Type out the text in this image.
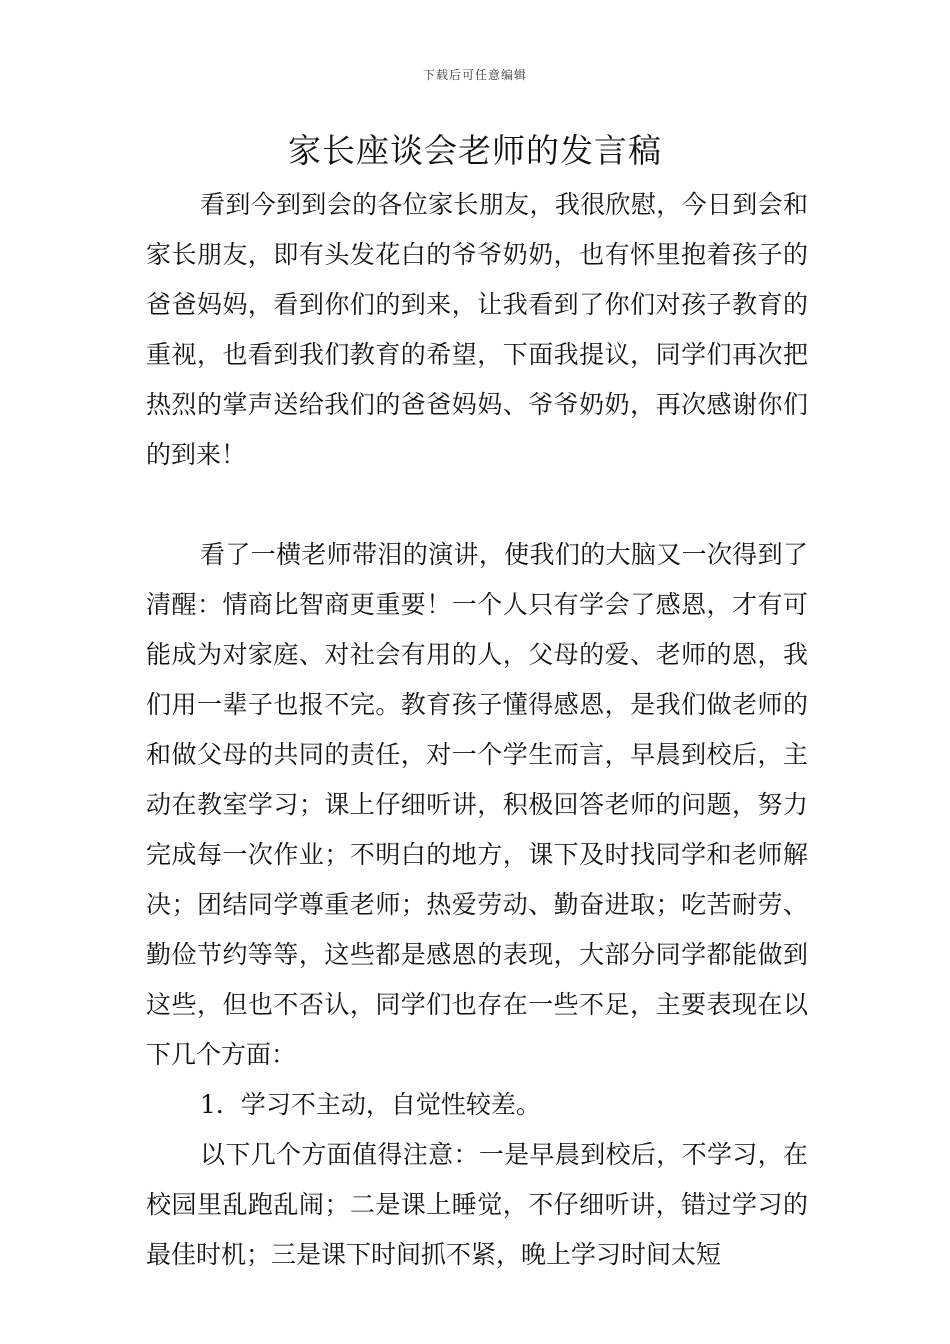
下载后可任意编辑
家长座谈会老师的发言稿

看到今到到会的各位家长朋友，我很欣慰，今日到会和家长朋友，即有头发花白的爷爷奶奶，也有怀里抱着孩子的爸爸妈妈，看到你们的到来，让我看到了你们对孩子教育的重视，也看到我们教育的希望，下面我提议，同学们再次把热烈的掌声送给我们的爸爸妈妈、爷爷奶奶，再次感谢你们的到来！

看了一横老师带泪的演讲，使我们的大脑又一次得到了清醒：情商比智商更重要！一个人只有学会了感恩，才有可能成为对家庭、对社会有用的人，父母的爱、老师的恩，我们用一辈子也报不完。教育孩子懂得感恩，是我们做老师的和做父母的共同的责任，对一个学生而言，早晨到校后，主动在教室学习；课上仔细听讲，积极回答老师的问题，努力完成每一次作业；不明白的地方，课下及时找同学和老师解决；团结同学尊重老师；热爱劳动、勤奋进取；吃苦耐劳、勤俭节约等等，这些都是感恩的表现，大部分同学都能做到这些，但也不否认，同学们也存在一些不足，主要表现在以下几个方面：

1．学习不主动，自觉性较差。

以下几个方面值得注意：一是早晨到校后，不学习，在校园里乱跑乱闹；二是课上睡觉，不仔细听讲，错过学习的最佳时机；三是课下时间抓不紧，晚上学习时间太短
